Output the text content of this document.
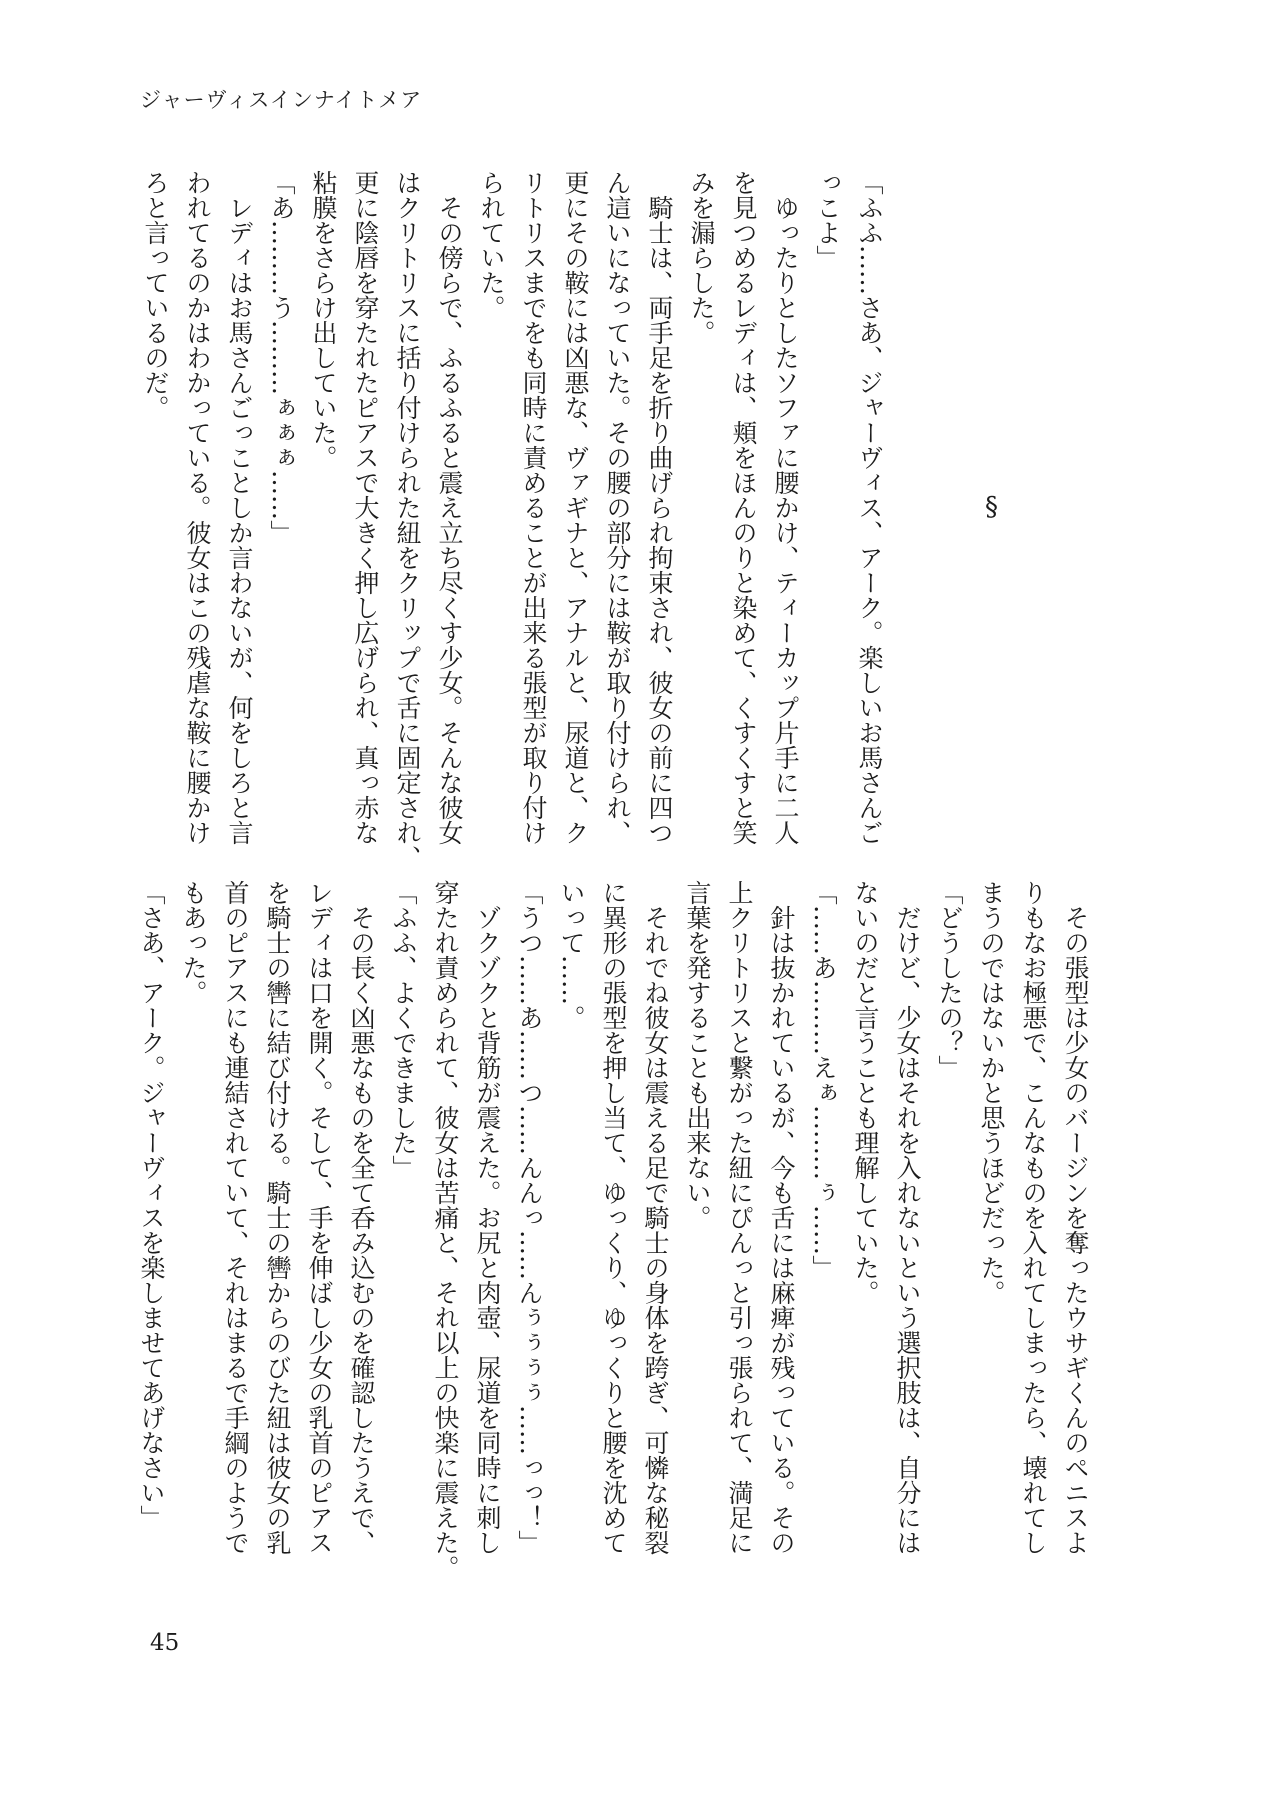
ジャーヴィスインナイトメア
§

「ふふ……さあ、ジャーヴィス、アーク。楽しいお馬さんご

っこよ」

ゆったりとしたソファに腰かけ、ティーカップ片手に二人

を見つめるレディは、頬をほんのりと染めて、くすくすと笑

みを漏らした。

騎士は、両手足を折り曲げられ拘束され、彼女の前に四つ

ん這いになっていた。その腰の部分には鞍が取り付けられ、

更にその鞍には凶悪な、ヴァギナと、アナルと、尿道と、ク

リトリスまでをも同時に責めることが出来る張型が取り付け

られていた。

その傍らで、ふるふると震え立ち尽くす少女。そんな彼女

はクリトリスに括り付けられた紐をクリップで舌に固定され、

更に陰唇を穿たれたピアスで大きく押し広げられ、真っ赤な

粘膜をさらけ出していた。

「あ………う………ぁぁぁ……」

レディはお馬さんごっことしか言わないが、何をしろと言

われてるのかはわかっている。彼女はこの残虐な鞍に腰かけ

ろと言っているのだ。

その張型は少女のバージンを奪ったウサギくんのペニスよ

りもなお極悪で、こんなものを入れてしまったら、壊れてし

まうのではないかと思うほどだった。

「どうしたの？」

だけど、少女はそれを入れないという選択肢は、自分には

ないのだと言うことも理解していた。

「……あ………えぁ………ぅ……」

針は抜かれているが、今も舌には麻痺が残っている。その

上クリトリスと繋がった紐にぴんっと引っ張られて、満足に

言葉を発することも出来ない。

それでね彼女は震える足で騎士の身体を跨ぎ、可憐な秘裂

に異形の張型を押し当て、ゆっくり、ゆっくりと腰を沈めて

いって……。

「うつ……あ……つ……んんっ……んぅぅぅぅ……っっ！」

ゾクゾクと背筋が震えた。お尻と肉壺、尿道を同時に刺し

穿たれ責められて、彼女は苦痛と、それ以上の快楽に震えた。

「ふふ、よくできました」

その長く凶悪なものを全て呑み込むのを確認したうえで、

レディは口を開く。そして、手を伸ばし少女の乳首のピアス

を騎士の轡に結び付ける。騎士の轡からのびた紐は彼女の乳

首のピアスにも連結されていて、それはまるで手綱のようで

もあった。

「さあ、アーク。ジャーヴィスを楽しませてあげなさい」

45
